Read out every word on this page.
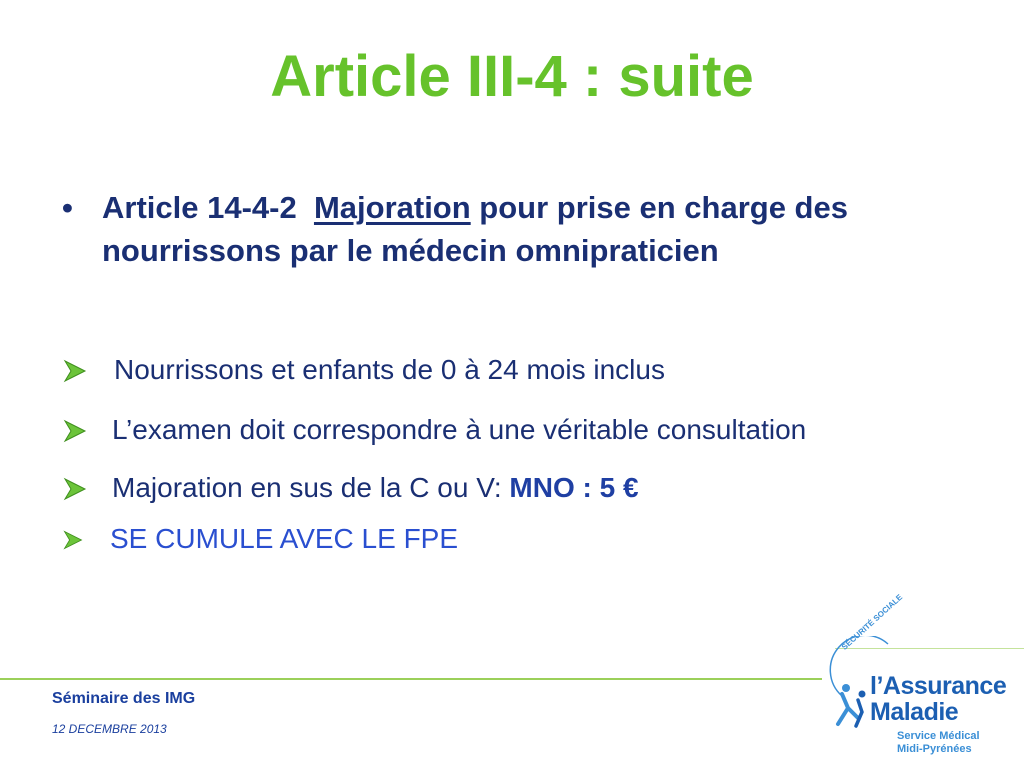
Article III-4 : suite
• Article 14-4-2 Majoration pour prise en charge des nourrissons par le médecin omnipraticien
Nourrissons et enfants de 0 à 24 mois inclus
L’examen doit correspondre à une véritable consultation
Majoration en sus de la C ou V: MNO : 5 €
SE CUMULE AVEC LE FPE
Séminaire des IMG
12 DECEMBRE 2013
SÉCURITÉ SOCIALE
l’Assurance
Maladie
Service Médical
Midi-Pyrénées
